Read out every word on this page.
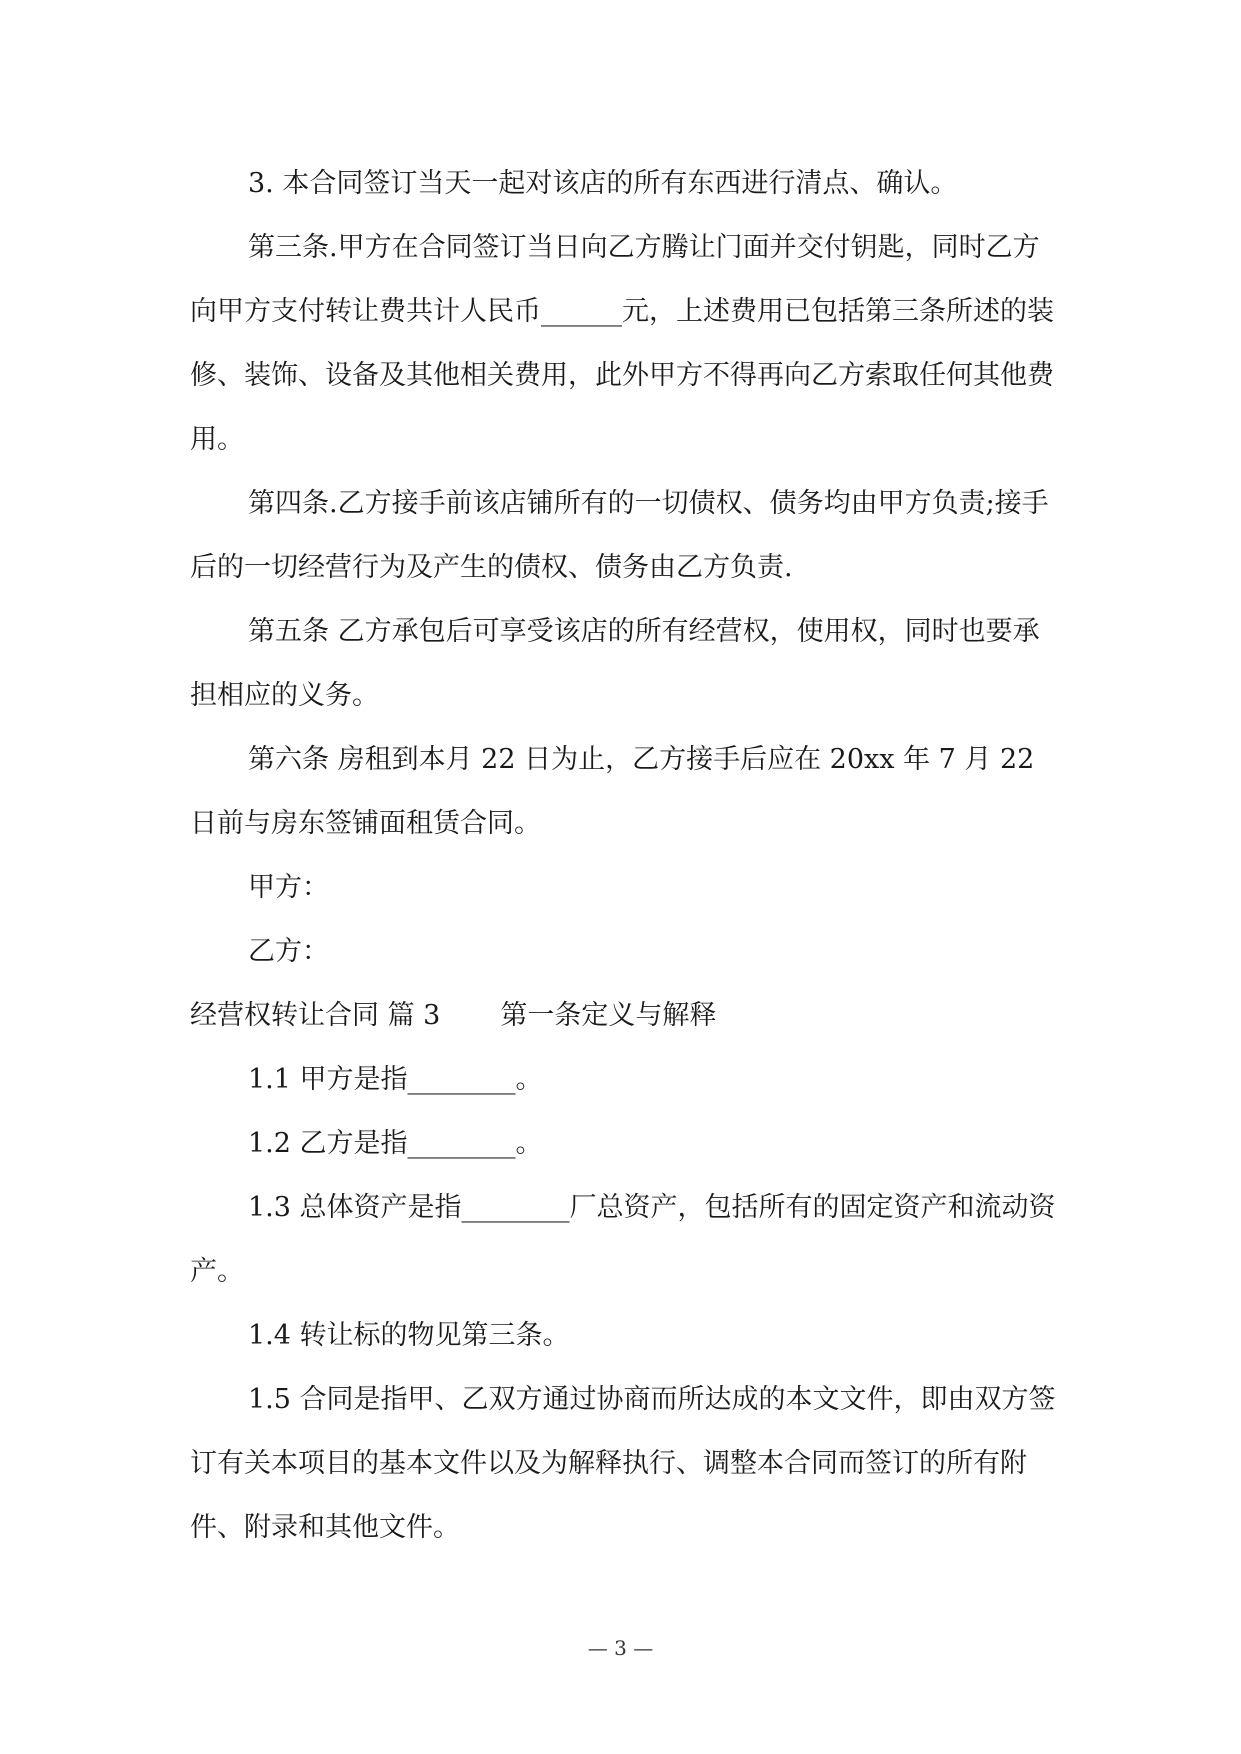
3. 本合同签订当天一起对该店的所有东西进行清点、确认。

第三条.甲方在合同签订当日向乙方腾让门面并交付钥匙，同时乙方向甲方支付转让费共计人民币______元，上述费用已包括第三条所述的装修、装饰、设备及其他相关费用，此外甲方不得再向乙方索取任何其他费用。

第四条.乙方接手前该店铺所有的一切债权、债务均由甲方负责;接手后的一切经营行为及产生的债权、债务由乙方负责.

第五条 乙方承包后可享受该店的所有经营权，使用权，同时也要承担相应的义务。

第六条 房租到本月 22 日为止，乙方接手后应在 20xx 年 7 月 22 日前与房东签铺面租赁合同。

甲方：

乙方：

经营权转让合同 篇 3 第一条定义与解释

1.1 甲方是指________。

1.2 乙方是指________。

1.3 总体资产是指________厂总资产，包括所有的固定资产和流动资产。

1.4 转让标的物见第三条。

1.5 合同是指甲、乙双方通过协商而所达成的本文文件，即由双方签订有关本项目的基本文件以及为解释执行、调整本合同而签订的所有附件、附录和其他文件。

— 3 —
